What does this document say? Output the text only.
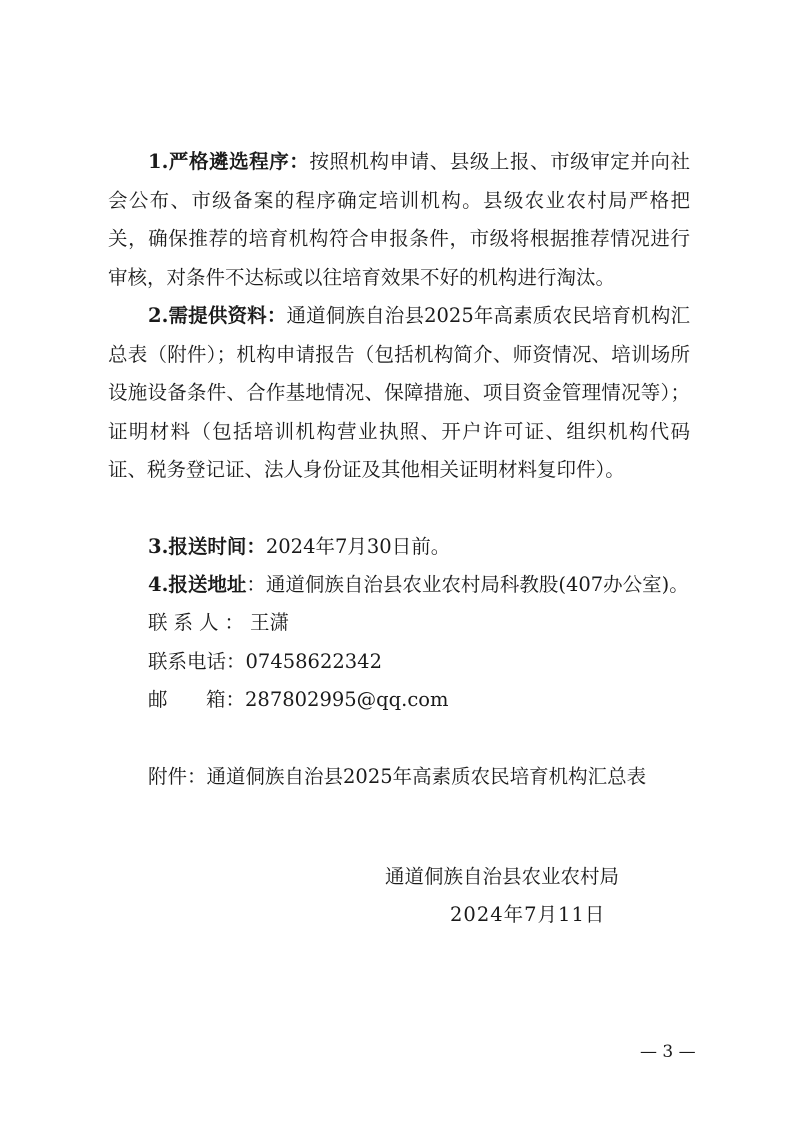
1.严格遴选程序：按照机构申请、县级上报、市级审定并向社会公布、市级备案的程序确定培训机构。县级农业农村局严格把关，确保推荐的培育机构符合申报条件，市级将根据推荐情况进行审核，对条件不达标或以往培育效果不好的机构进行淘汰。

2.需提供资料：通道侗族自治县2025年高素质农民培育机构汇总表（附件）；机构申请报告（包括机构简介、师资情况、培训场所设施设备条件、合作基地情况、保障措施、项目资金管理情况等）；证明材料（包括培训机构营业执照、开户许可证、组织机构代码证、税务登记证、法人身份证及其他相关证明材料复印件）。

3.报送时间：2024年7月30日前。

4.报送地址：通道侗族自治县农业农村局科教股(407办公室)。

联系人：王潇

联系电话：07458622342

邮 箱：287802995@qq.com

附件：通道侗族自治县2025年高素质农民培育机构汇总表

通道侗族自治县农业农村局
2024年7月11日
— 3 —
